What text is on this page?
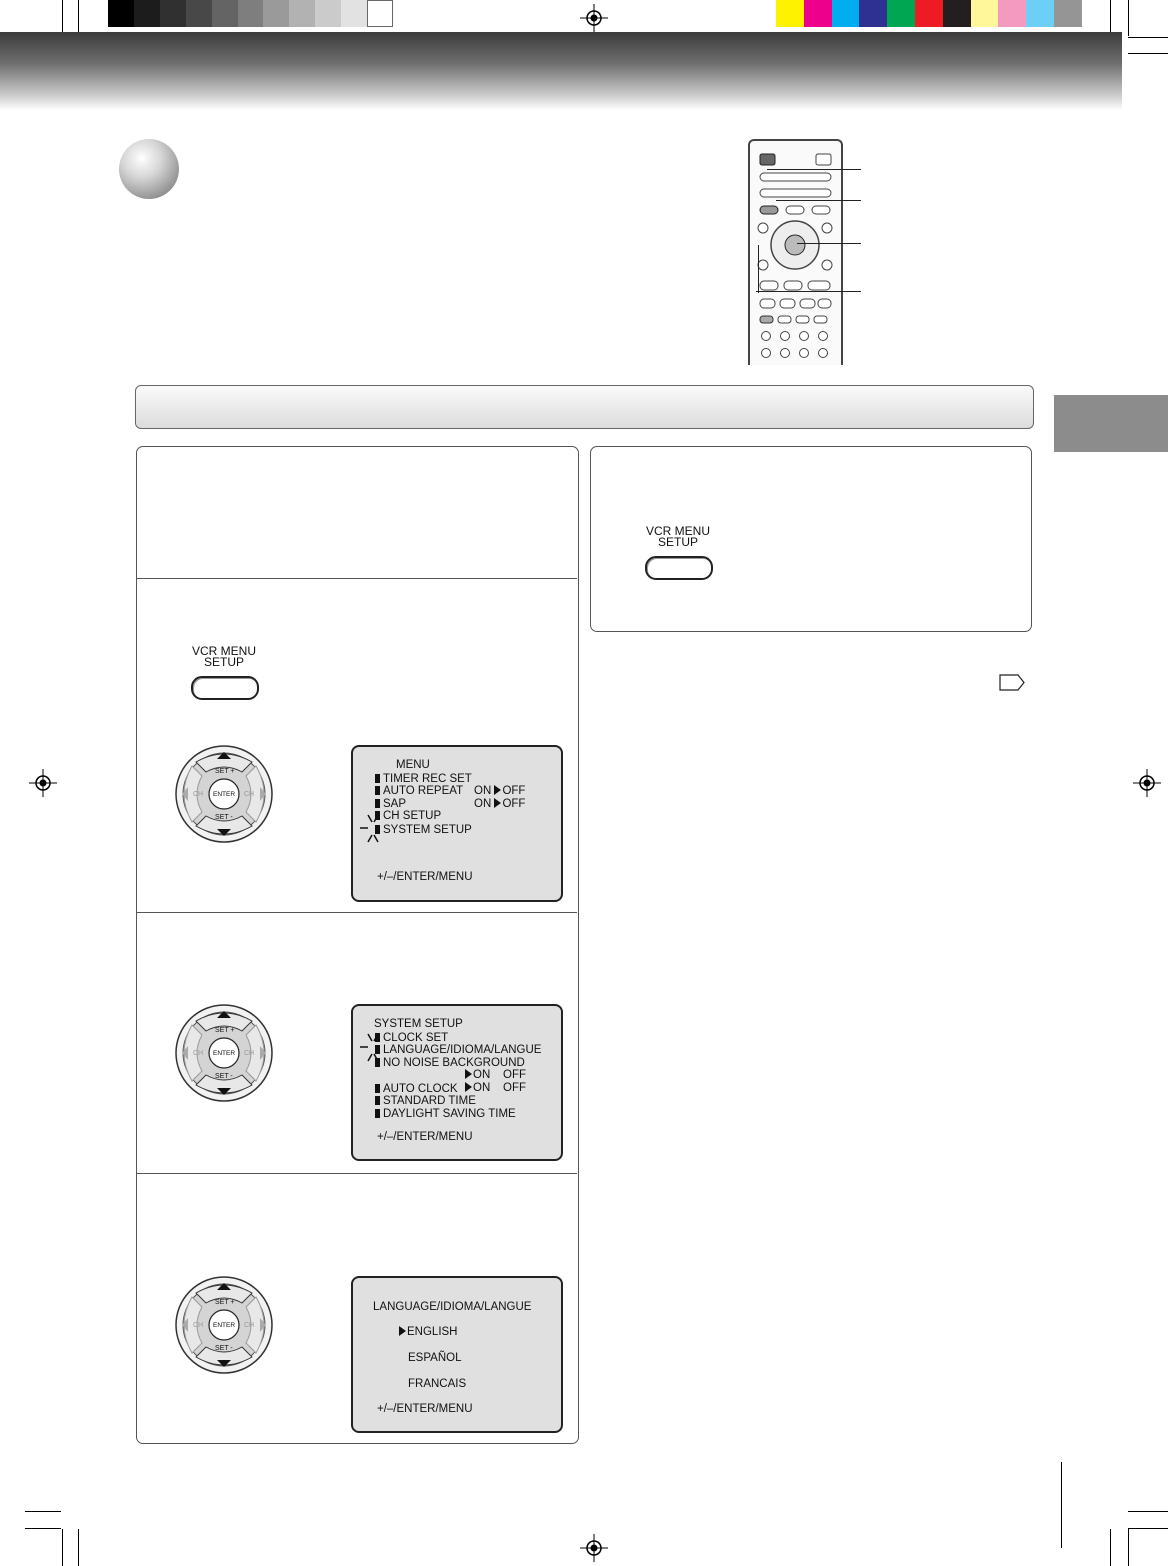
VCR MENU
SETUP
SET +
SET -
ENTER
CH	CH
SET +
SET -
ENTER
CH	CH
SET +
SET -
ENTER
CH	CH
MENU
TIMER REC SET
AUTO REPEAT ON OFF
SAP	ON OFF
CH SETUP
SYSTEM SETUP
+/–/ENTER/MENU
SYSTEM SETUP
CLOCK SET
LANGUAGE/IDIOMA/LANGUE
NO NOISE BACKGROUND
ON OFF
AUTO CLOCK	ON OFF
STANDARD TIME
DAYLIGHT SAVING TIME
+/–/ENTER/MENU
LANGUAGE/IDIOMA/LANGUE
ENGLISH
ESPAÑOL
FRANCAIS
+/–/ENTER/MENU
VCR MENU
SETUP
